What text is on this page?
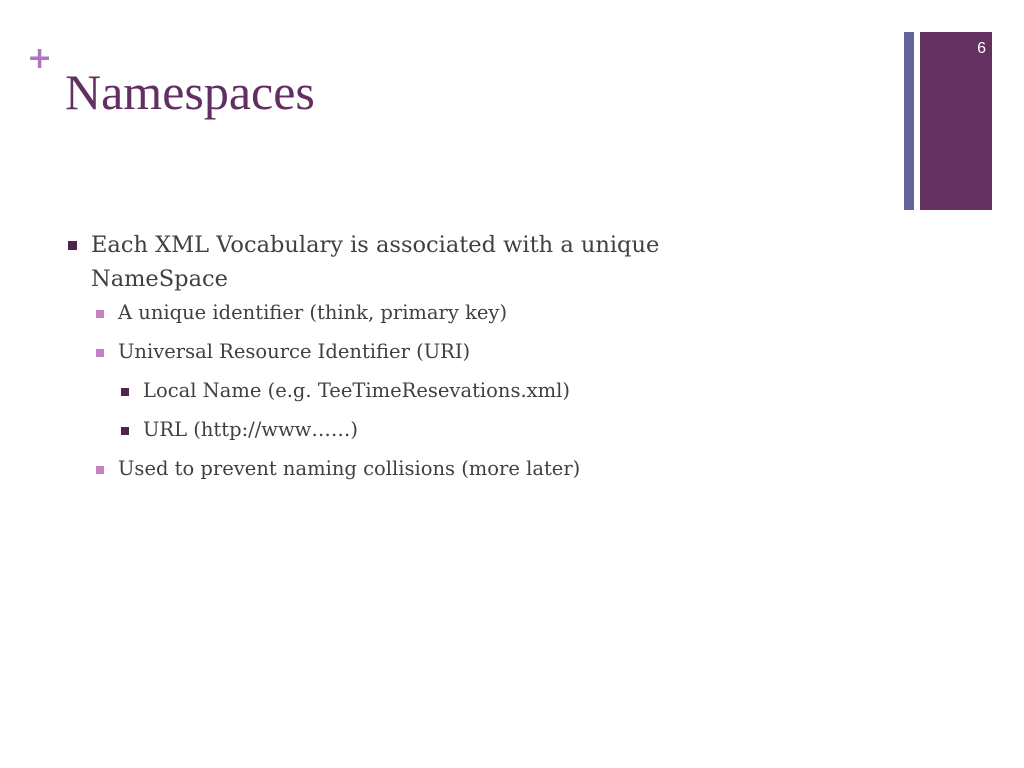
+
Namespaces
6
Each XML Vocabulary is associated with a unique NameSpace
A unique identifier (think, primary key)
Universal Resource Identifier (URI)
Local Name (e.g. TeeTimeResevations.xml)
URL (http://www……)
Used to prevent naming collisions (more later)
